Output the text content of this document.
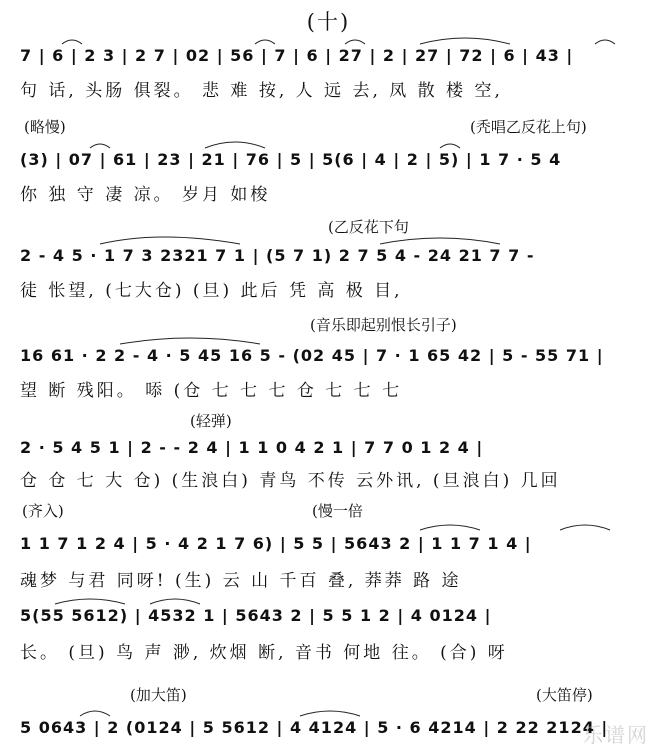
(十)
7 | 6 | 2 3 | 2 7 | 02 | 56 | 7 | 6 | 27 | 2 | 27 | 72 | 6 | 43 |
句 话, 头肠 俱裂。 悲 难 按, 人 远 去, 凤 散 楼 空,
(略慢)	(秃唱乙反花上句)
(3) | 07 | 61 | 23 | 21 | 76 | 5 | 5(6 | 4 | 2 | 5) | 1 7 · 5 4
你 独 守 凄 凉。 岁月 如梭
(乙反花下句
2 - 4 5 · 1 7 3 2321 7 1 | (5 7 1) 2 7 5 4 - 24 21 7 7 -
徒 怅望, (七大仓) (旦) 此后 凭 高 极 目,
(音乐即起别恨长引子)
16 61 · 2 2 - 4 · 5 45 16 5 - (02 45 | 7 · 1 65 42 | 5 - 55 71 |
望 断 残阳。 㖭 (仓 七 七 七 仓 七 七 七
(轻弹)
2 · 5 4 5 1 | 2 - - 2 4 | 1 1 0 4 2 1 | 7 7 0 1 2 4 |
仓 仓 七 大 仓) (生浪白) 青鸟 不传 云外讯, (旦浪白) 几回
(齐入)	(慢一倍
1 1 7 1 2 4 | 5 · 4 2 1 7 6) | 5 5 | 5643 2 | 1 1 7 1 4 |
魂梦 与君 同呀! (生) 云 山 千百 叠, 莽莽 路 途
5(55 5612) | 4532 1 | 5643 2 | 5 5 1 2 | 4 0124 |
长。 (旦) 鸟 声 渺, 炊烟 断, 音书 何地 往。 (合) 呀
(加大笛)	(大笛停)
5 0643 | 2 (0124 | 5 5612 | 4 4124 | 5 · 6 4214 | 2 22 2124 |
乐谱网
